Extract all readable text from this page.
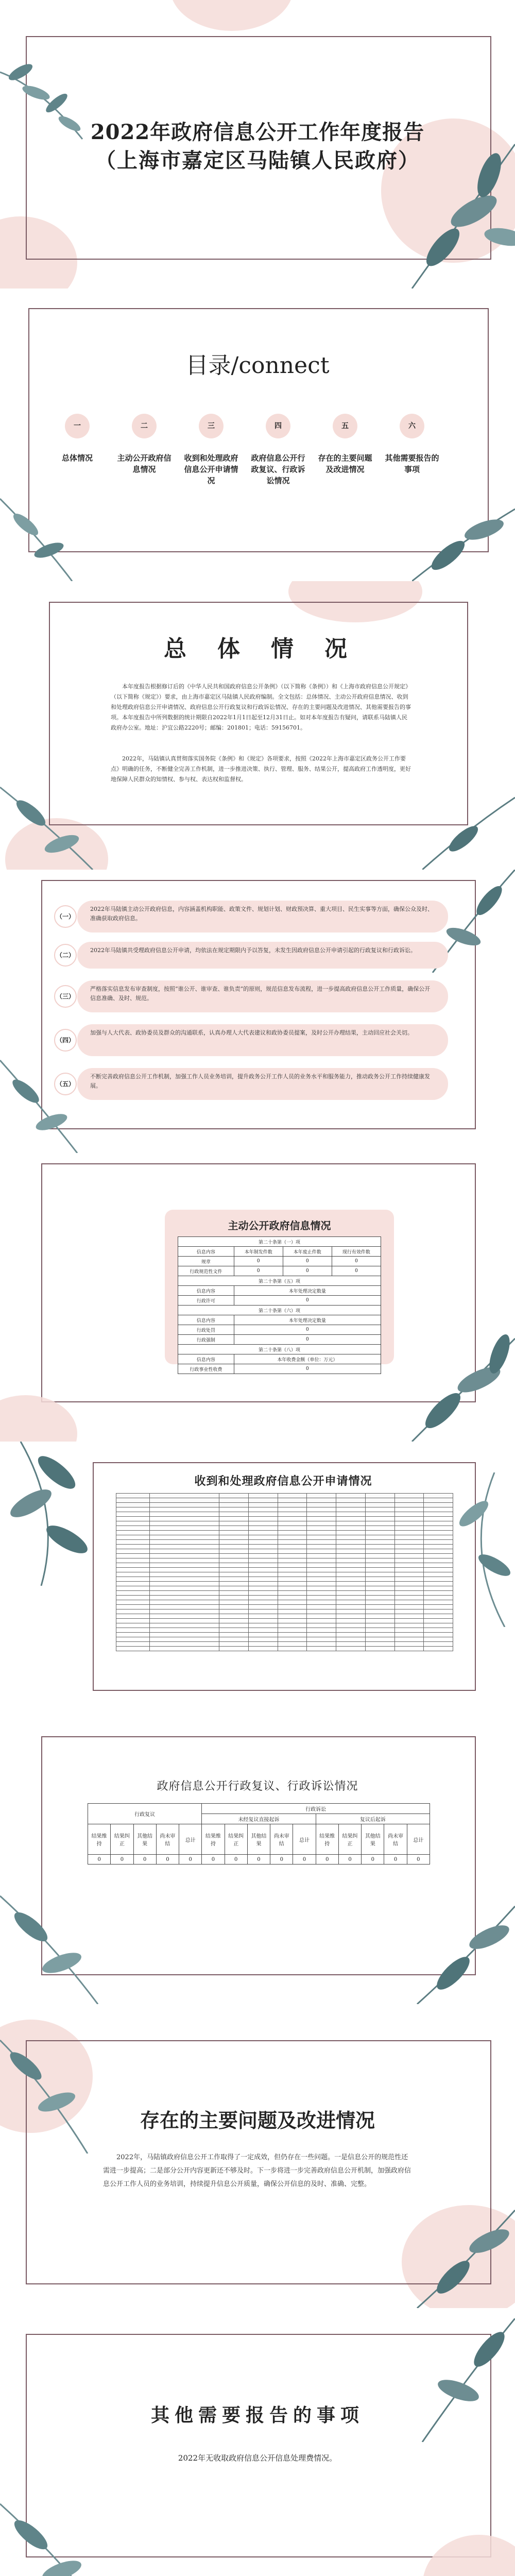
2022年政府信息公开工作年度报告
（上海市嘉定区马陆镇人民政府）
目录/connect
一
总体情况
二
主动公开政府信息情况
三
收到和处理政府信息公开申请情况
四
政府信息公开行政复议、行政诉讼情况
五
存在的主要问题及改进情况
六
其他需要报告的事项
总　体　情　况
本年度报告根据修订后的《中华人民共和国政府信息公开条例》（以下简称《条例》）和《上海市政府信息公开规定》（以下简称《规定》）要求，由上海市嘉定区马陆镇人民政府编制。全文包括：总体情况、主动公开政府信息情况、收到和处理政府信息公开申请情况、政府信息公开行政复议和行政诉讼情况、存在的主要问题及改进情况、其他需要报告的事项。本年度报告中所列数据的统计期限自2022年1月1日起至12月31日止。如对本年度报告有疑问，请联系马陆镇人民政府办公室。地址：沪宜公路2220号；邮编：201801；电话：59156701。
2022年，马陆镇认真贯彻落实国务院《条例》和《规定》各项要求，按照《2022年上海市嘉定区政务公开工作要点》明确的任务，不断健全完善工作机制，进一步推进决策、执行、管理、服务、结果公开，提高政府工作透明度，更好地保障人民群众的知情权、参与权、表达权和监督权。
（一）
2022年马陆镇主动公开政府信息，内容涵盖机构职能、政策文件、规划计划、财政预决算、重大项目、民生实事等方面，确保公众及时、准确获取政府信息。
（二）
2022年马陆镇共受理政府信息公开申请，均依法在规定期限内予以答复，未发生因政府信息公开申请引起的行政复议和行政诉讼。
（三）
严格落实信息发布审查制度，按照“谁公开、谁审查、谁负责”的原则，规范信息发布流程，进一步提高政府信息公开工作质量，确保公开信息准确、及时、规范。
（四）
加强与人大代表、政协委员及群众的沟通联系，认真办理人大代表建议和政协委员提案，及时公开办理结果，主动回应社会关切。
（五）
不断完善政府信息公开工作机制，加强工作人员业务培训，提升政务公开工作人员的业务水平和服务能力，推动政务公开工作持续健康发展。
主动公开政府信息情况
第二十条第（一）项			
信息内容	本年制发件数	本年废止件数	现行有效件数
规章	0	0	0
行政规范性文件	0	0	0
第二十条第（五）项			
信息内容	本年处理决定数量		
行政许可	0		
第二十条第（六）项			
信息内容	本年处理决定数量		
行政处罚	0		
行政强制	0		
第二十条第（八）项			
信息内容	本年收费金额（单位：万元）		
行政事业性收费	0		
收到和处理政府信息公开申请情况

政府信息公开行政复议、行政诉讼情况
行政复议					行政诉讼									
					未经复议直接起诉					复议后起诉				
结果维持	结果纠正	其他结果	尚未审结	总计	结果维持	结果纠正	其他结果	尚未审结	总计	结果维持	结果纠正	其他结果	尚未审结	总计
0	0	0	0	0	0	0	0	0	0	0	0	0	0	0
存在的主要问题及改进情况
2022年，马陆镇政府信息公开工作取得了一定成效，但仍存在一些问题。一是信息公开的规范性还需进一步提高；二是部分公开内容更新还不够及时。下一步将进一步完善政府信息公开机制，加强政府信息公开工作人员的业务培训，持续提升信息公开质量，确保公开信息的及时、准确、完整。
其他需要报告的事项
2022年无收取政府信息公开信息处理费情况。
